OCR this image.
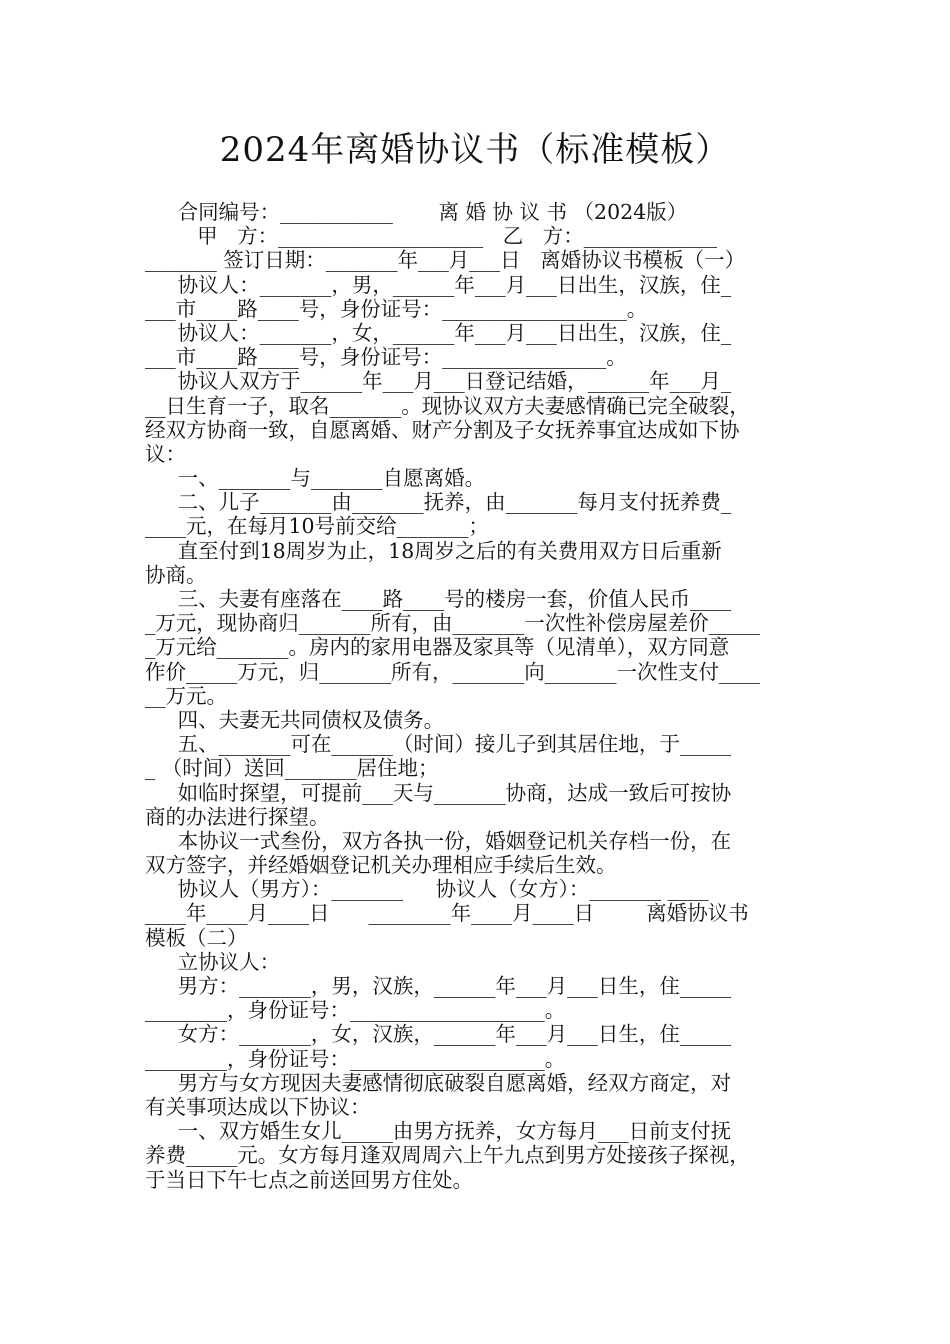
2024年离婚协议书（标准模板）
合同编号：___________       离 婚 协 议 书 （2024版）
甲   方：____________________   乙   方：_____________
_______ 签订日期：_______年___月___日   离婚协议书模板（一）
协议人：_______，男，______年___月___日出生，汉族，住_
___市____路____号，身份证号：__________________。
协议人：_______，女，______年___月___日出生，汉族，住_
___市____路____号，身份证号：________________。
协议人双方于______年___月___日登记结婚，______年___月_
__日生育一子，取名_______。现协议双方夫妻感情确已完全破裂，
经双方协商一致，自愿离婚、财产分割及子女抚养事宜达成如下协
议：
一、_______与_______自愿离婚。
二、儿子_______由_______抚养，由_______每月支付抚养费_
____元，在每月10号前交给_______；
直至付到18周岁为止，18周岁之后的有关费用双方日后重新
协商。
三、夫妻有座落在____路____号的楼房一套，价值人民币____
_万元，现协商归_______所有，由_______一次性补偿房屋差价_____
_万元给_______。房内的家用电器及家具等（见清单），双方同意
作价_____万元，归_______所有，_______向_______一次性支付____
__万元。
四、夫妻无共同债权及债务。
五、_______可在______（时间）接儿子到其居住地，于_____
_ （时间）送回_______居住地；
如临时探望，可提前___天与_______协商，达成一致后可按协
商的办法进行探望。
本协议一式叁份，双方各执一份，婚姻登记机关存档一份，在
双方签字，并经婚姻登记机关办理相应手续后生效。
协议人（男方）：_______     协议人（女方）：_______ ____
____年____月____日      ________年____月____日        离婚协议书
模板（二）
立协议人：
男方：_______，男，汉族，______年___月___日生，住_____
________，身份证号：___________________。
女方：_______，女，汉族，______年___月___日生，住_____
________，身份证号：___________________。
男方与女方现因夫妻感情彻底破裂自愿离婚，经双方商定，对
有关事项达成以下协议：
一、双方婚生女儿_____由男方抚养，女方每月___日前支付抚
养费_____元。女方每月逢双周周六上午九点到男方处接孩子探视，
于当日下午七点之前送回男方住处。
